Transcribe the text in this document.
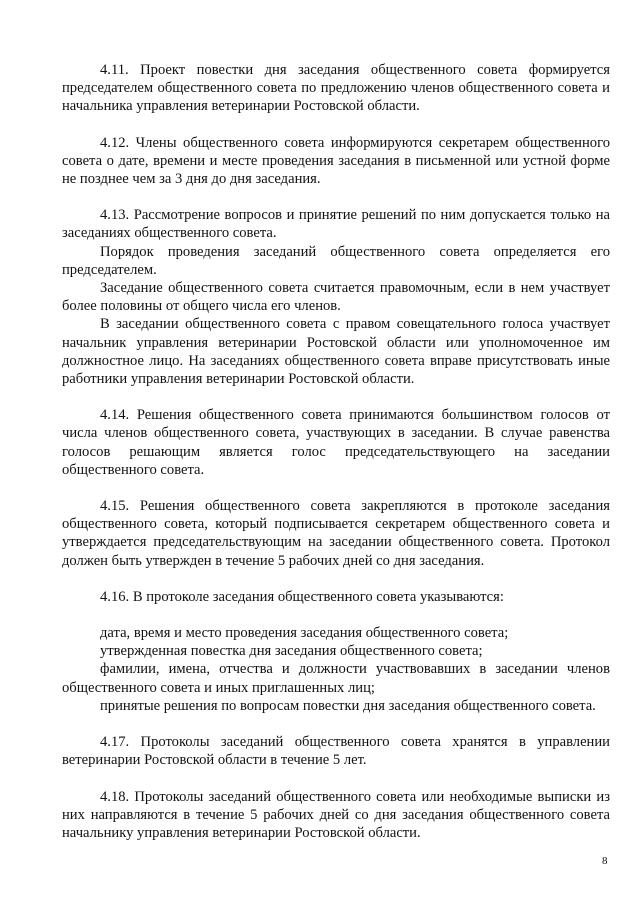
4.11. Проект повестки дня заседания общественного совета формируется председателем общественного совета по предложению членов общественного совета и начальника управления ветеринарии Ростовской области.

4.12. Члены общественного совета информируются секретарем общественного совета о дате, времени и месте проведения заседания в письменной или устной форме не позднее чем за 3 дня до дня заседания.

4.13. Рассмотрение вопросов и принятие решений по ним допускается только на заседаниях общественного совета.

Порядок проведения заседаний общественного совета определяется его председателем.

Заседание общественного совета считается правомочным, если в нем участвует более половины от общего числа его членов.

В заседании общественного совета с правом совещательного голоса участвует начальник управления ветеринарии Ростовской области или уполномоченное им должностное лицо. На заседаниях общественного совета вправе присутствовать иные работники управления ветеринарии Ростовской области.

4.14. Решения общественного совета принимаются большинством голосов от числа членов общественного совета, участвующих в заседании. В случае равенства голосов решающим является голос председательствующего на заседании общественного совета.

4.15. Решения общественного совета закрепляются в протоколе заседания общественного совета, который подписывается секретарем общественного совета и утверждается председательствующим на заседании общественного совета. Протокол должен быть утвержден в течение 5 рабочих дней со дня заседания.

4.16. В протоколе заседания общественного совета указываются:

дата, время и место проведения заседания общественного совета;

утвержденная повестка дня заседания общественного совета;

фамилии, имена, отчества и должности участвовавших в заседании членов общественного совета и иных приглашенных лиц;

принятые решения по вопросам повестки дня заседания общественного совета.

4.17. Протоколы заседаний общественного совета хранятся в управлении ветеринарии Ростовской области в течение 5 лет.

4.18. Протоколы заседаний общественного совета или необходимые выписки из них направляются в течение 5 рабочих дней со дня заседания общественного совета начальнику управления ветеринарии Ростовской области.

8
